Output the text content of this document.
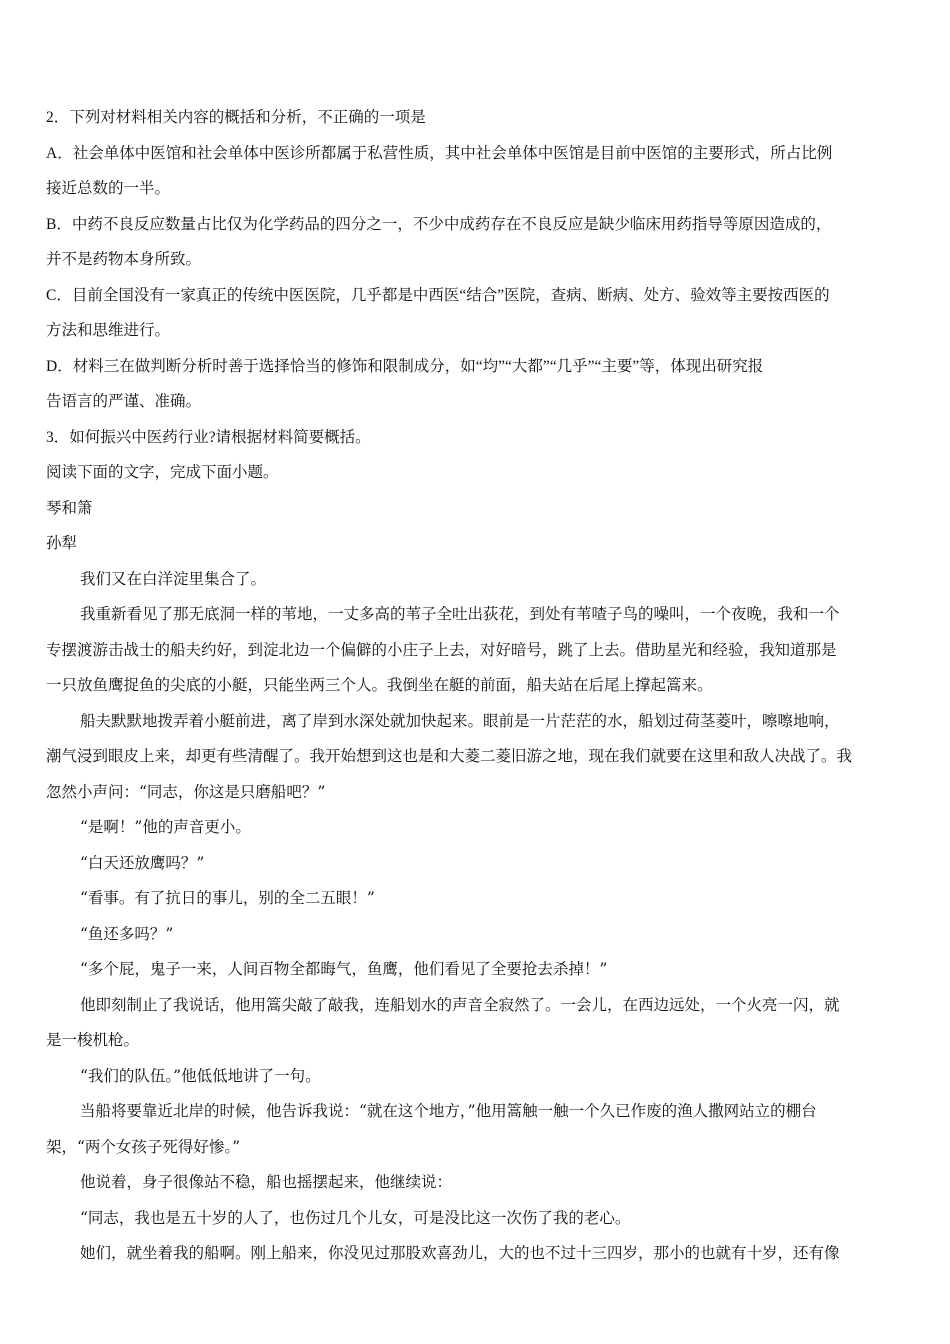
2．下列对材料相关内容的概括和分析，不正确的一项是
A．社会单体中医馆和社会单体中医诊所都属于私营性质，其中社会单体中医馆是目前中医馆的主要形式，所占比例
接近总数的一半。
B．中药不良反应数量占比仅为化学药品的四分之一，不少中成药存在不良反应是缺少临床用药指导等原因造成的，
并不是药物本身所致。
C．目前全国没有一家真正的传统中医医院，几乎都是中西医“结合”医院，查病、断病、处方、验效等主要按西医的
方法和思维进行。
D．材料三在做判断分析时善于选择恰当的修饰和限制成分，如“均”“大都”“几乎”“主要”等，体现出研究报
告语言的严谨、准确。
3．如何振兴中医药行业?请根据材料简要概括。
阅读下面的文字，完成下面小题。
琴和箫
孙犁
我们又在白洋淀里集合了。
我重新看见了那无底洞一样的苇地，一丈多高的苇子全吐出荻花，到处有苇喳子鸟的噪叫，一个夜晚，我和一个
专摆渡游击战士的船夫约好，到淀北边一个偏僻的小庄子上去，对好暗号，跳了上去。借助星光和经验，我知道那是
一只放鱼鹰捉鱼的尖底的小艇，只能坐两三个人。我倒坐在艇的前面，船夫站在后尾上撑起篙来。
船夫默默地拨弄着小艇前进，离了岸到水深处就加快起来。眼前是一片茫茫的水，船划过荷茎菱叶，嚓嚓地响，
潮气浸到眼皮上来，却更有些清醒了。我开始想到这也是和大菱二菱旧游之地，现在我们就要在这里和敌人决战了。我
忽然小声问：“同志，你这是只磨船吧？”
“是啊！”他的声音更小。
“白天还放鹰吗？”
“看事。有了抗日的事儿，别的全二五眼！”
“鱼还多吗？”
“多个屁，鬼子一来，人间百物全都晦气，鱼鹰，他们看见了全要抢去杀掉！”
他即刻制止了我说话，他用篙尖敲了敲我，连船划水的声音全寂然了。一会儿，在西边远处，一个火亮一闪，就
是一梭机枪。
“我们的队伍。”他低低地讲了一句。
当船将要靠近北岸的时候，他告诉我说：“就在这个地方，”他用篙触一触一个久已作废的渔人撒网站立的棚台
架，“两个女孩子死得好惨。”
他说着，身子很像站不稳，船也摇摆起来，他继续说：
“同志，我也是五十岁的人了，也伤过几个儿女，可是没比这一次伤了我的老心。
她们，就坐着我的船啊。刚上船来，你没见过那股欢喜劲儿，大的也不过十三四岁，那小的也就有十岁，还有像
